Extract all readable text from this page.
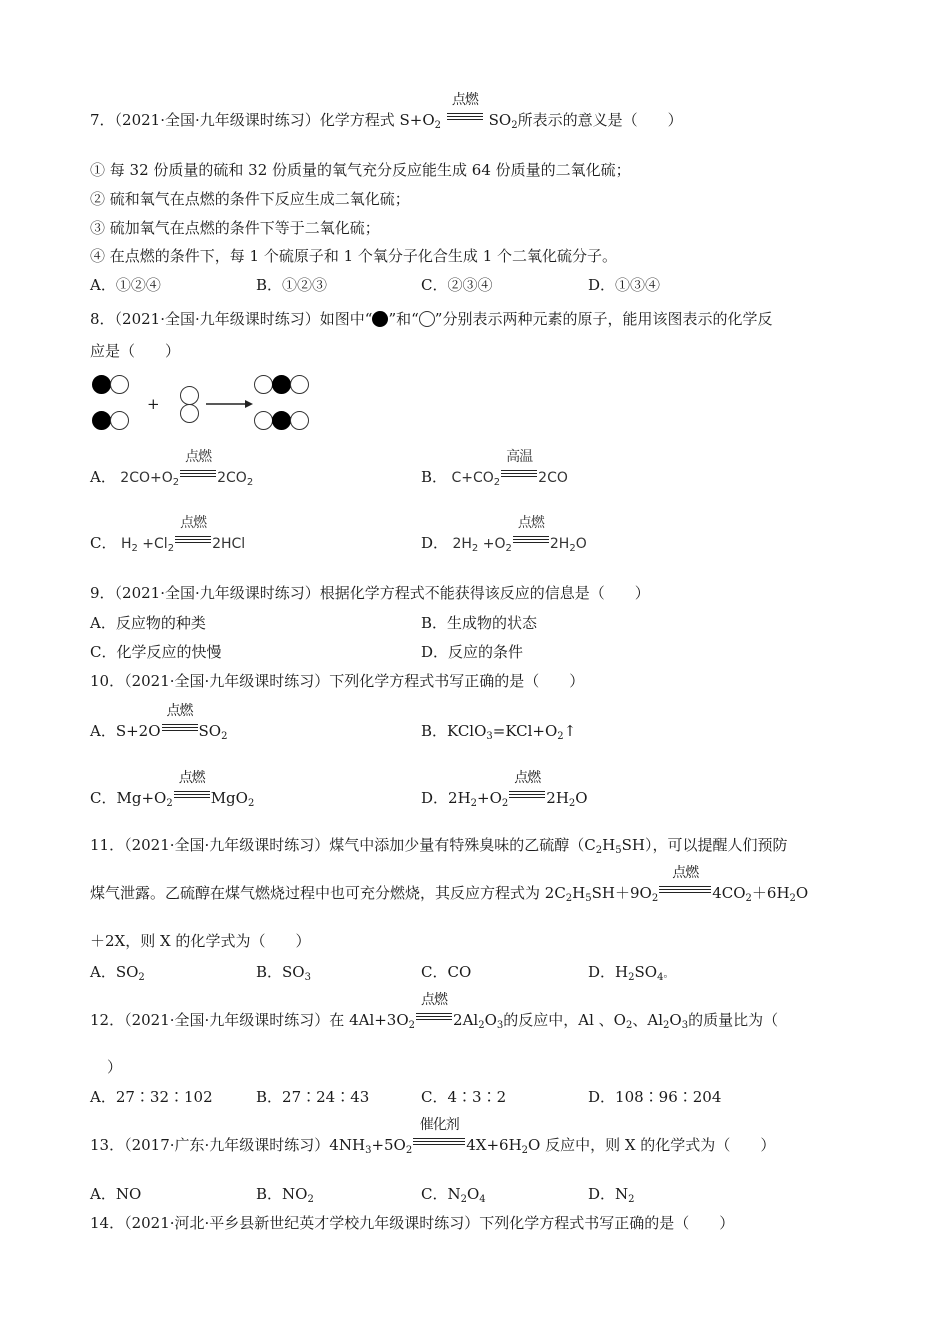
7．（2021·全国·九年级课时练习）化学方程式 $S+O_2$
点燃
$SO_2$所表示的意义是（　　）
① 每 32 份质量的硫和 32 份质量的氧气充分反应能生成 64 份质量的二氧化硫；
② 硫和氧气在点燃的条件下反应生成二氧化硫；
③ 硫加氧气在点燃的条件下等于二氧化硫；
④ 在点燃的条件下，每 1 个硫原子和 1 个氧分子化合生成 1 个二氧化硫分子。
A．①②④	B．①②③	C．②③④	D．①③④
8．（2021·全国·九年级课时练习）如图中“ ”和“ ”分别表示两种元素的原子，能用该图表示的化学反
应是（　　）
+
A． $2CO+O_2$
点燃
$2CO_2$	B． $C+CO_2$
高温
2CO
C． $H_2 +Cl_2$
点燃
2HCl	D． $2H_2 +O_2$
点燃
$2H_2O$
9．（2021·全国·九年级课时练习）根据化学方程式不能获得该反应的信息是（　　）
A．反应物的种类	B．生成物的状态
C．化学反应的快慢	D．反应的条件
10．（2021·全国·九年级课时练习）下列化学方程式书写正确的是（　　）
A．S+2O
点燃
$SO_2$	B．$KClO_3=KCl+O_2↑$
C．$Mg+O_2$
点燃
MgO$_2$	D．$2H_2+O_2$
点燃
$2H_2O$
11．（2021·全国·九年级课时练习）煤气中添加少量有特殊臭味的乙硫醇$(C_2H_5SH)$，可以提醒人们预防
煤气泄露。乙硫醇在煤气燃烧过程中也可充分燃烧，其反应方程式为 $2C_2H_5SH+9O_2$
点燃
$4CO_2+6H_2O$
＋2X，则 X 的化学式为（　　）
A．$SO_2$	B．$SO_3$	C．CO	D．$H_2SO_4$。
12．（2021·全国·九年级课时练习）在 $4Al+3O_2$
点燃
$2Al_2O_3$的反应中，Al 、$O_2$、$Al_2O_3$的质量比为（
）
A．27∶32∶102	B．27∶24∶43	C．4∶3∶2	D．108∶96∶204
13．（2017·广东·九年级课时练习）$4NH_3+5O_2$
催化剂
$4X+6H_2O$ 反应中，则 X 的化学式为（　　）
A．NO	B．$NO_2$	C．$N_2O_4$	D．$N_2$
14．（2021·河北·平乡县新世纪英才学校九年级课时练习）下列化学方程式书写正确的是（　　）
